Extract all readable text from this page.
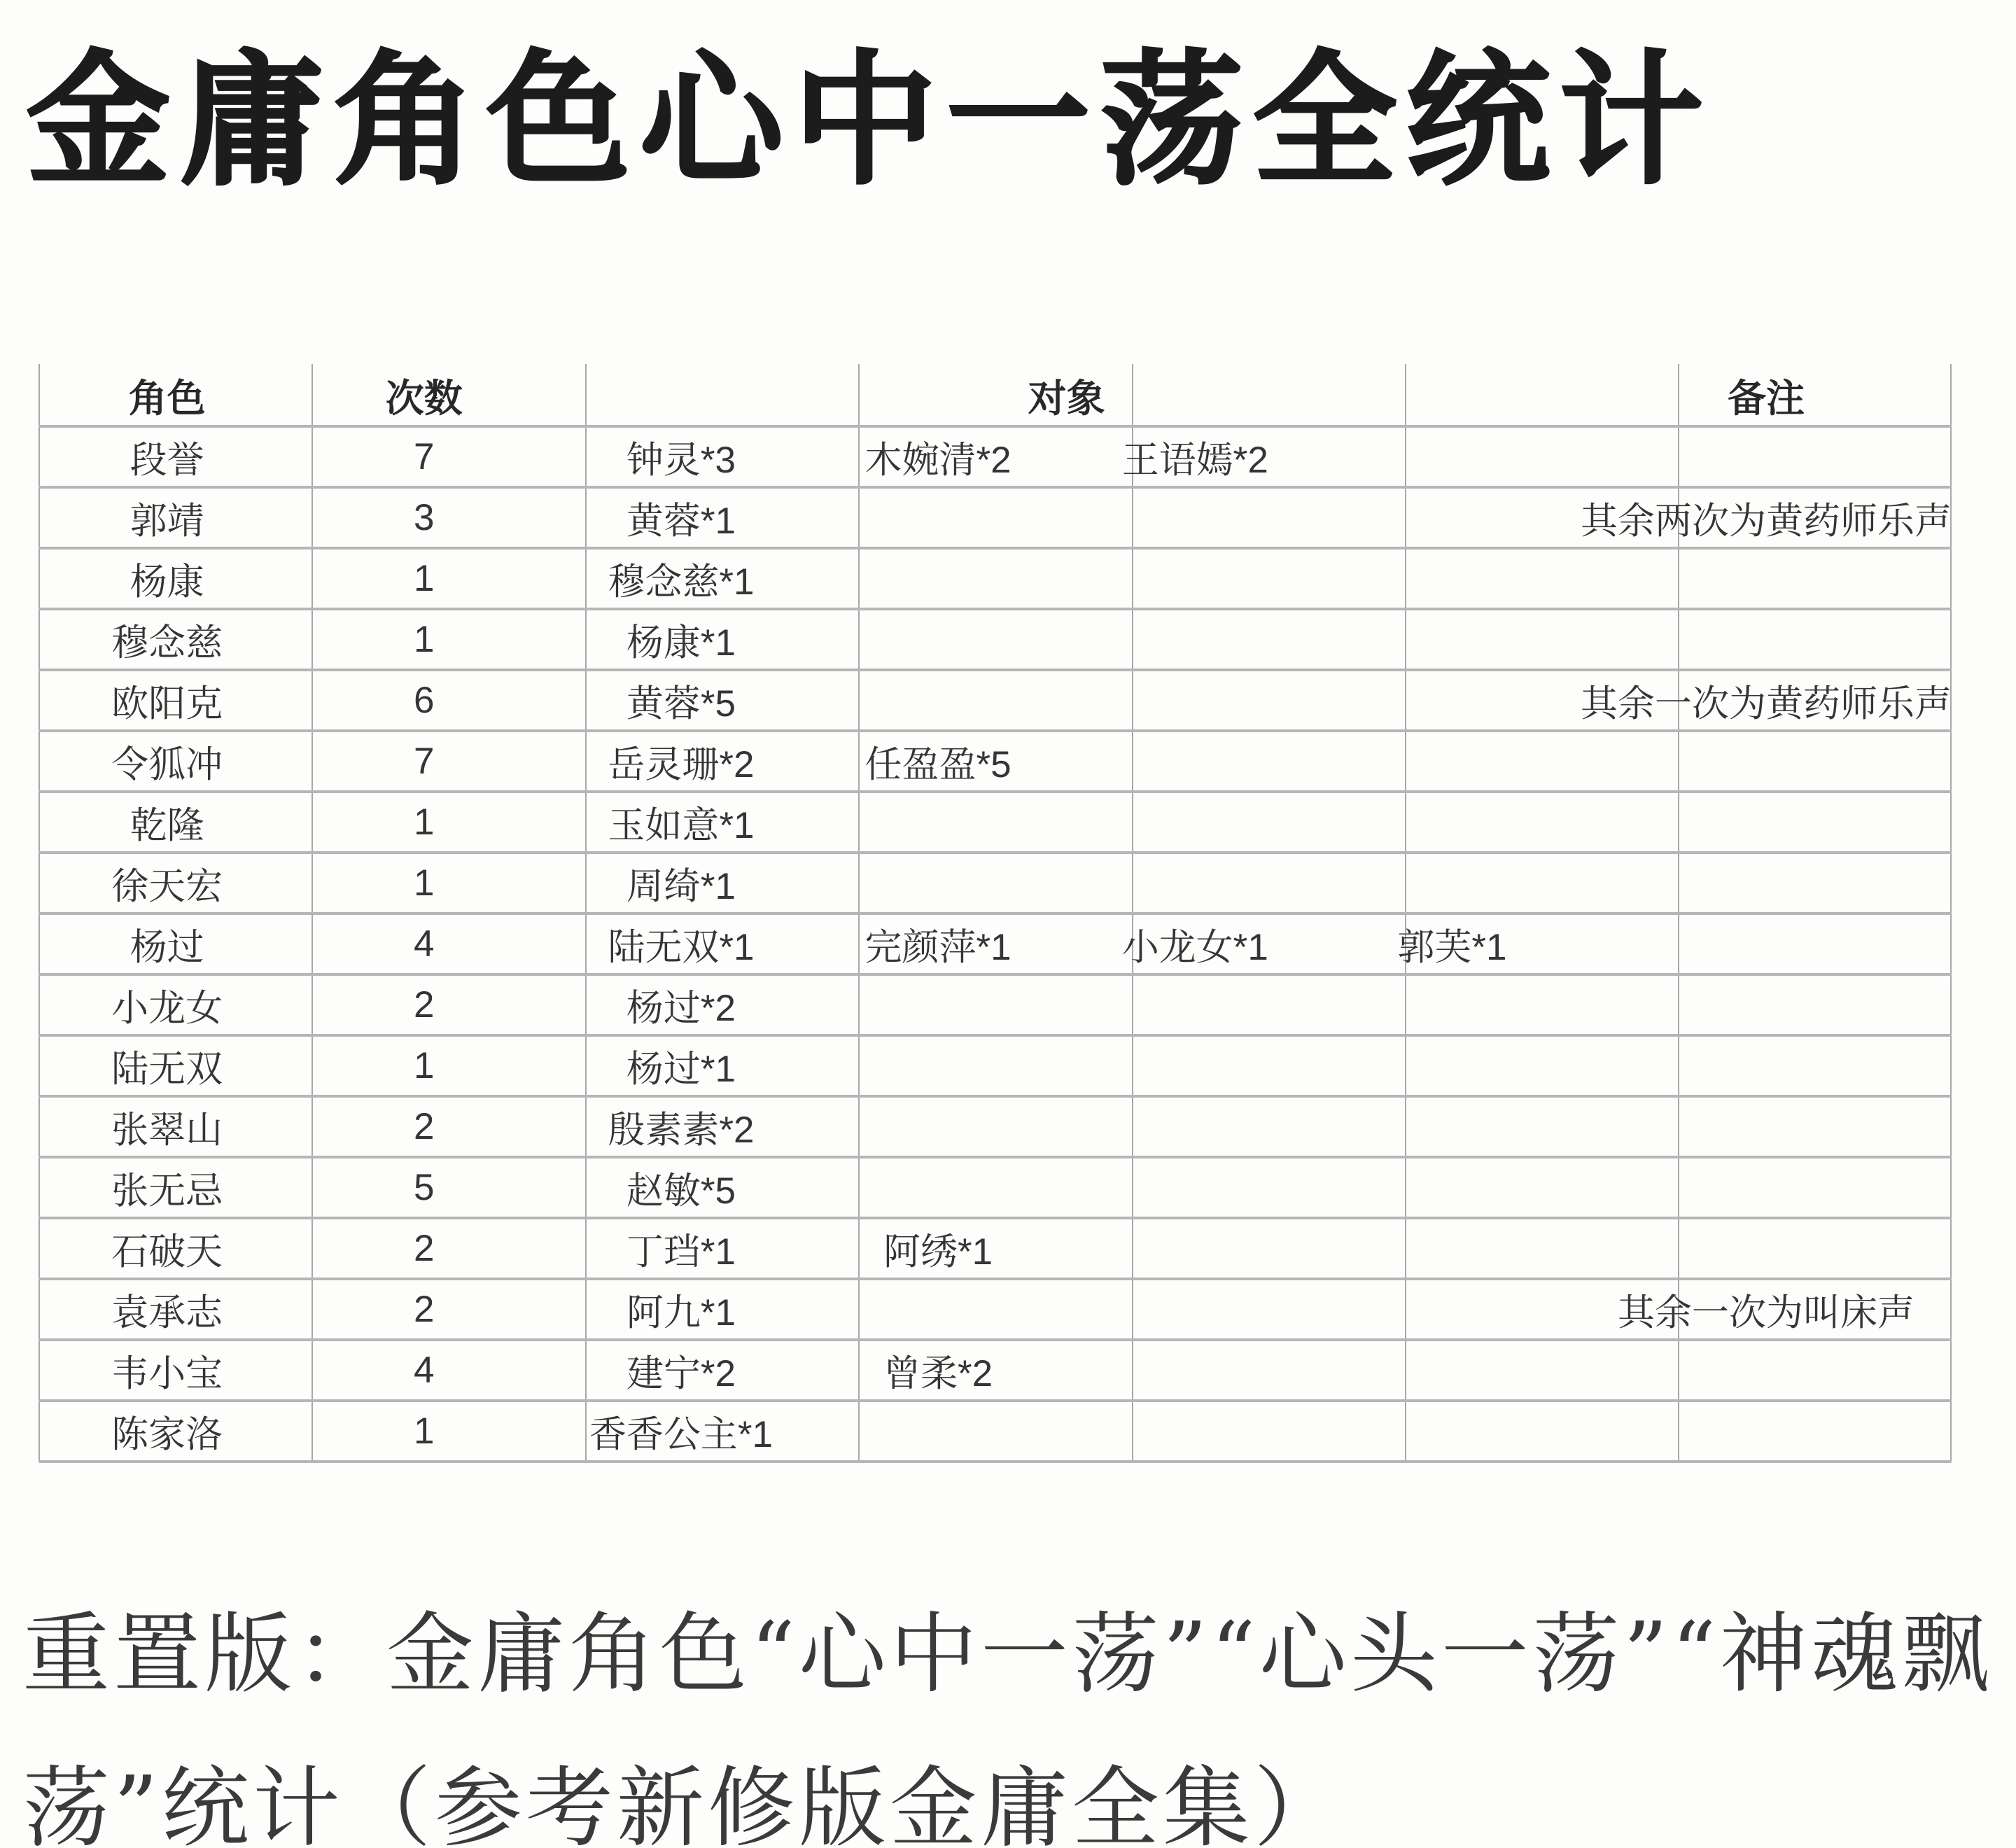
金庸角色心中一荡全统计
角色	次数	对象	备注
段誉	7	钟灵*3	木婉清*2	王语嫣*2
郭靖	3	黄蓉*1	其余两次为黄药师乐声
杨康	1	穆念慈*1
穆念慈	1	杨康*1
欧阳克	6	黄蓉*5	其余一次为黄药师乐声
令狐冲	7	岳灵珊*2	任盈盈*5
乾隆	1	玉如意*1
徐天宏	1	周绮*1
杨过	4	陆无双*1	完颜萍*1	小龙女*1	郭芙*1
小龙女	2	杨过*2
陆无双	1	杨过*1
张翠山	2	殷素素*2
张无忌	5	赵敏*5
石破天	2	丁珰*1	阿绣*1
袁承志	2	阿九*1	其余一次为叫床声
韦小宝	4	建宁*2	曾柔*2
陈家洛	1	香香公主*1
重置版：金庸角色“心中一荡”“心头一荡”“神魂飘
荡”统计（参考新修版金庸全集）
